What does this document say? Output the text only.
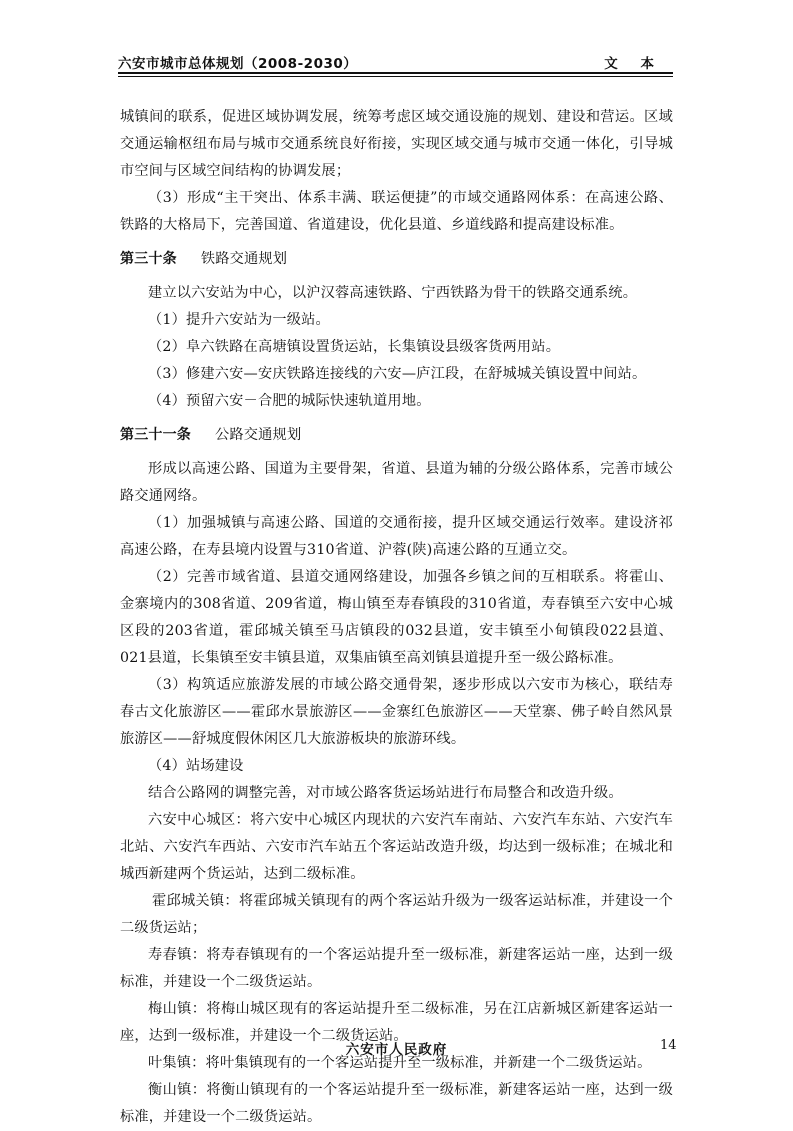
六安市城市总体规划（2008-2030）	文 本

城镇间的联系，促进区域协调发展，统筹考虑区域交通设施的规划、建设和营运。区域交通运输枢纽布局与城市交通系统良好衔接，实现区域交通与城市交通一体化，引导城市空间与区域空间结构的协调发展；

（3）形成“主干突出、体系丰满、联运便捷”的市域交通路网体系：在高速公路、铁路的大格局下，完善国道、省道建设，优化县道、乡道线路和提高建设标准。

第三十条 铁路交通规划

建立以六安站为中心，以沪汉蓉高速铁路、宁西铁路为骨干的铁路交通系统。

（1）提升六安站为一级站。

（2）阜六铁路在高塘镇设置货运站，长集镇设县级客货两用站。

（3）修建六安—安庆铁路连接线的六安—庐江段，在舒城城关镇设置中间站。

（4）预留六安－合肥的城际快速轨道用地。

第三十一条 公路交通规划

形成以高速公路、国道为主要骨架，省道、县道为辅的分级公路体系，完善市域公路交通网络。

（1）加强城镇与高速公路、国道的交通衔接，提升区域交通运行效率。建设济祁高速公路，在寿县境内设置与310省道、沪蓉(陕)高速公路的互通立交。

（2）完善市域省道、县道交通网络建设，加强各乡镇之间的互相联系。将霍山、金寨境内的308省道、209省道，梅山镇至寿春镇段的310省道，寿春镇至六安中心城区段的203省道，霍邱城关镇至马店镇段的032县道，安丰镇至小甸镇段022县道、021县道，长集镇至安丰镇县道，双集庙镇至高刘镇县道提升至一级公路标准。

（3）构筑适应旅游发展的市域公路交通骨架，逐步形成以六安市为核心，联结寿春古文化旅游区——霍邱水景旅游区——金寨红色旅游区——天堂寨、佛子岭自然风景旅游区——舒城度假休闲区几大旅游板块的旅游环线。

（4）站场建设

结合公路网的调整完善，对市域公路客货运场站进行布局整合和改造升级。

六安中心城区：将六安中心城区内现状的六安汽车南站、六安汽车东站、六安汽车北站、六安汽车西站、六安市汽车站五个客运站改造升级，均达到一级标准；在城北和城西新建两个货运站，达到二级标准。

霍邱城关镇：将霍邱城关镇现有的两个客运站升级为一级客运站标准，并建设一个二级货运站；

寿春镇：将寿春镇现有的一个客运站提升至一级标准，新建客运站一座，达到一级标准，并建设一个二级货运站。

梅山镇：将梅山城区现有的客运站提升至二级标准，另在江店新城区新建客运站一座，达到一级标准，并建设一个二级货运站。

叶集镇：将叶集镇现有的一个客运站提升至一级标准，并新建一个二级货运站。

衡山镇：将衡山镇现有的一个客运站提升至一级标准，新建客运站一座，达到一级标准，并建设一个二级货运站。

六安市人民政府	14
